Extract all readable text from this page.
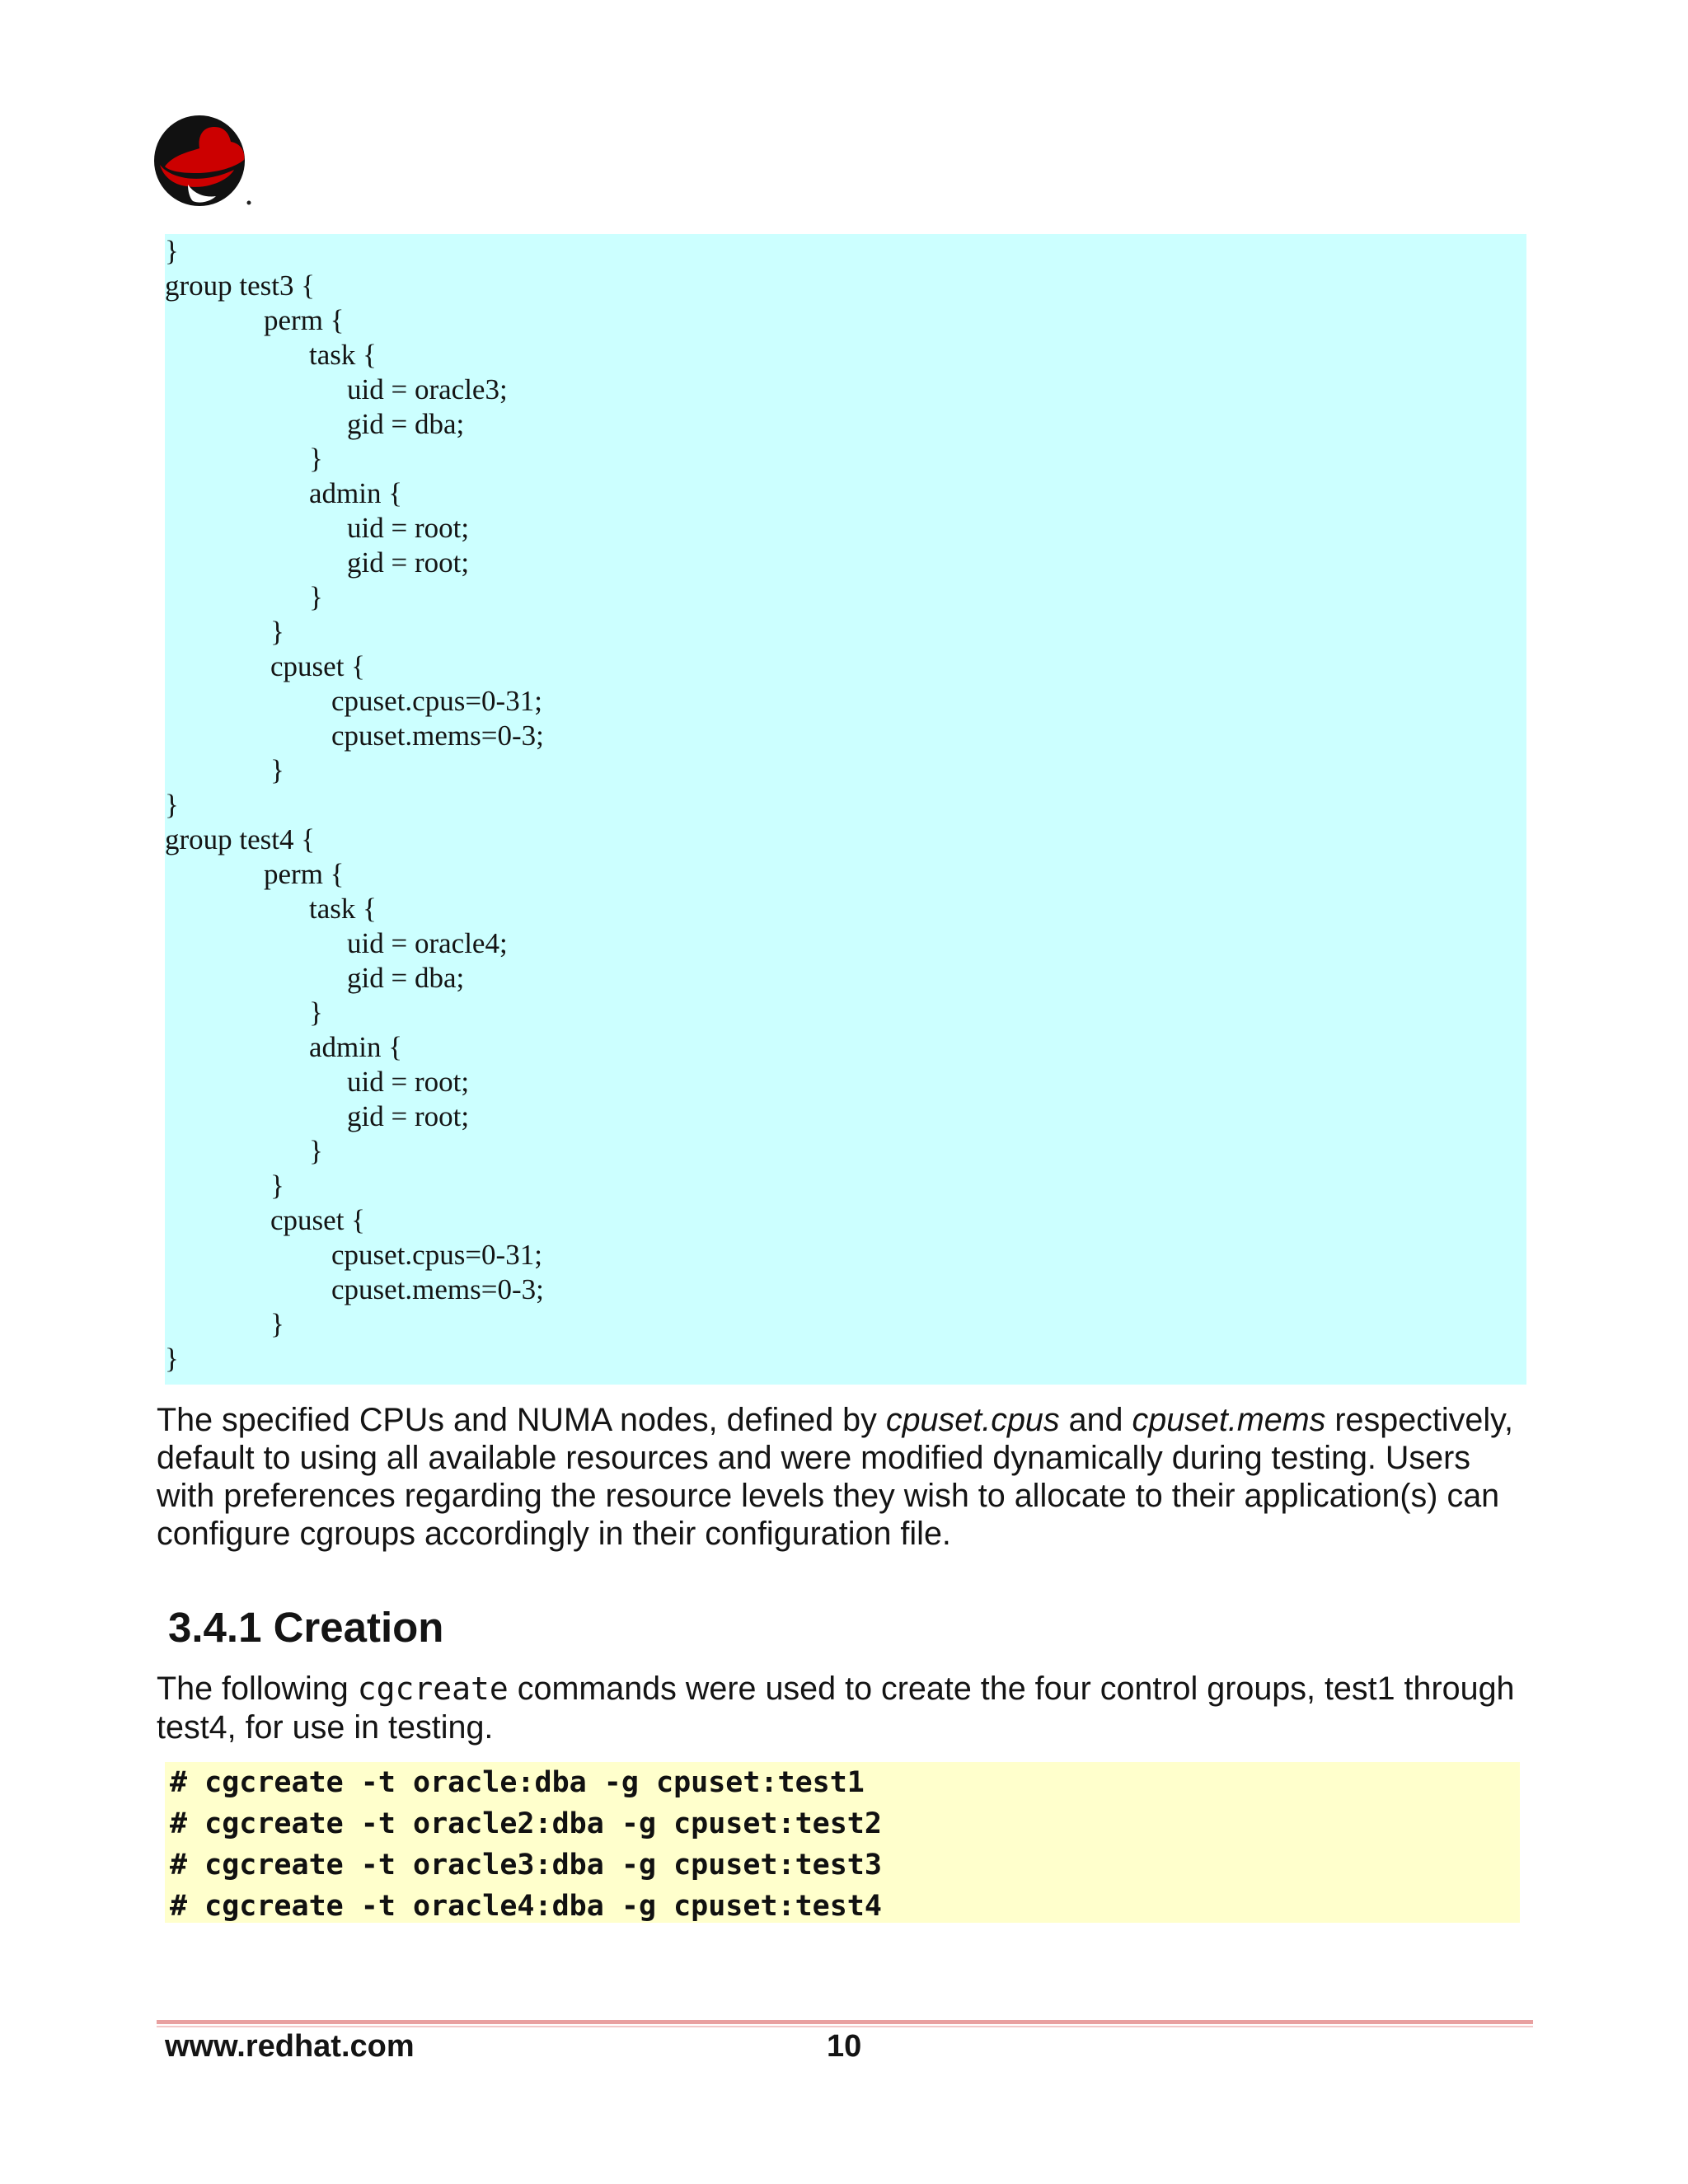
}
group test3 {
perm {
task {
uid = oracle3;
gid = dba;
}
admin {
uid = root;
gid = root;
}
}
cpuset {
cpuset.cpus=0-31;
cpuset.mems=0-3;
}
}
group test4 {
perm {
task {
uid = oracle4;
gid = dba;
}
admin {
uid = root;
gid = root;
}
}
cpuset {
cpuset.cpus=0-31;
cpuset.mems=0-3;
}
}

The specified CPUs and NUMA nodes, defined by cpuset.cpus and cpuset.mems respectively, default to using all available resources and were modified dynamically during testing. Users with preferences regarding the resource levels they wish to allocate to their application(s) can configure cgroups accordingly in their configuration file.

3.4.1 Creation
The following cgcreate commands were used to create the four control groups, test1 through test4, for use in testing.
# cgcreate -t oracle:dba -g cpuset:test1
# cgcreate -t oracle2:dba -g cpuset:test2
# cgcreate -t oracle3:dba -g cpuset:test3
# cgcreate -t oracle4:dba -g cpuset:test4
www.redhat.com	10
